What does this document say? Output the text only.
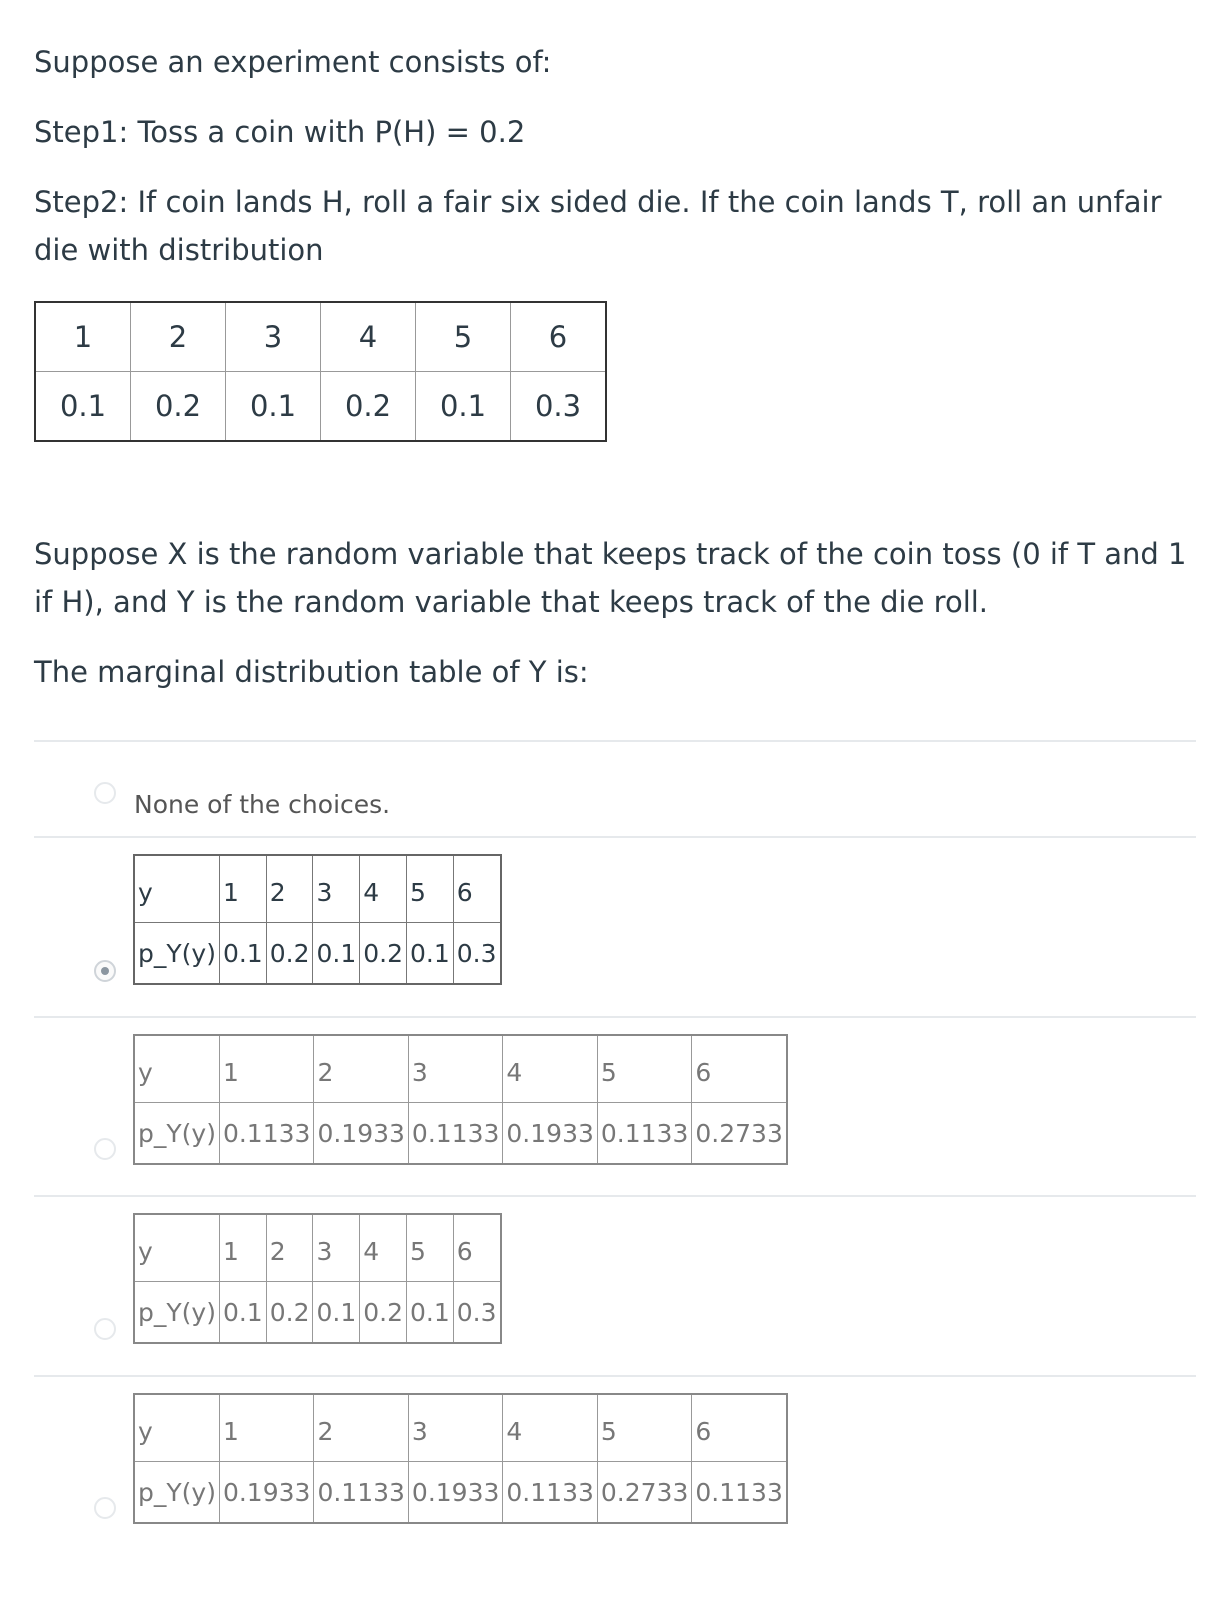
Suppose an experiment consists of:
Step1: Toss a coin with P(H) = 0.2
Step2: If coin lands H, roll a fair six sided die. If the coin lands T, roll an unfair die with distribution
1	2	3	4	5	6
0.1	0.2	0.1	0.2	0.1	0.3
Suppose X is the random variable that keeps track of the coin toss (0 if T and 1 if H), and Y is the random variable that keeps track of the die roll.
The marginal distribution table of Y is:
None of the choices.
y	1	2	3	4	5	6
p_Y(y)	0.1	0.2	0.1	0.2	0.1	0.3
y	1	2	3	4	5	6
p_Y(y)	0.1133	0.1933	0.1133	0.1933	0.1133	0.2733
y	1	2	3	4	5	6
p_Y(y)	0.1	0.2	0.1	0.2	0.1	0.3
y	1	2	3	4	5	6
p_Y(y)	0.1933	0.1133	0.1933	0.1133	0.2733	0.1133
